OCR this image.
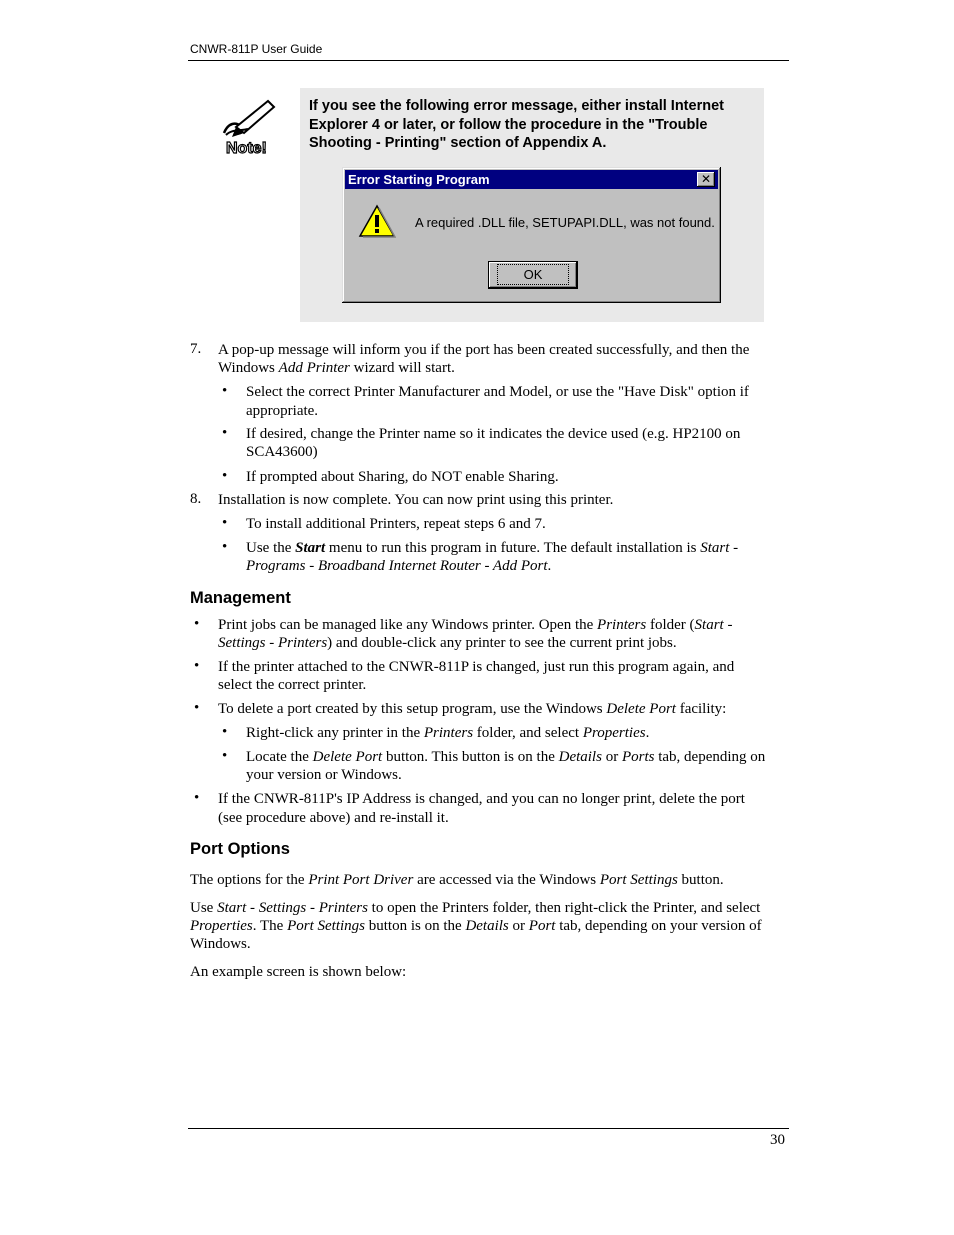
CNWR-811P User Guide
Note!
If you see the following error message, either install Internet Explorer 4 or later, or follow the procedure in the "Trouble Shooting - Printing" section of Appendix A.
Error Starting Program	✕
A required .DLL file, SETUPAPI.DLL, was not found.
OK
7. A pop-up message will inform you if the port has been created successfully, and then the
Windows Add Printer wizard will start.
• Select the correct Printer Manufacturer and Model, or use the "Have Disk" option if
appropriate.
• If desired, change the Printer name so it indicates the device used (e.g. HP2100 on
SCA43600)
• If prompted about Sharing, do NOT enable Sharing.
8. Installation is now complete. You can now print using this printer.
• To install additional Printers, repeat steps 6 and 7.
• Use the Start menu to run this program in future. The default installation is Start -
Programs - Broadband Internet Router - Add Port.
Management
• Print jobs can be managed like any Windows printer. Open the Printers folder (Start -
Settings - Printers) and double-click any printer to see the current print jobs.
• If the printer attached to the CNWR-811P is changed, just run this program again, and
select the correct printer.
• To delete a port created by this setup program, use the Windows Delete Port facility:
• Right-click any printer in the Printers folder, and select Properties.
• Locate the Delete Port button. This button is on the Details or Ports tab, depending on
your version or Windows.
• If the CNWR-811P's IP Address is changed, and you can no longer print, delete the port
(see procedure above) and re-install it.
Port Options
The options for the Print Port Driver are accessed via the Windows Port Settings button.
Use Start - Settings - Printers to open the Printers folder, then right-click the Printer, and select
Properties. The Port Settings button is on the Details or Port tab, depending on your version of
Windows.
An example screen is shown below:
30
